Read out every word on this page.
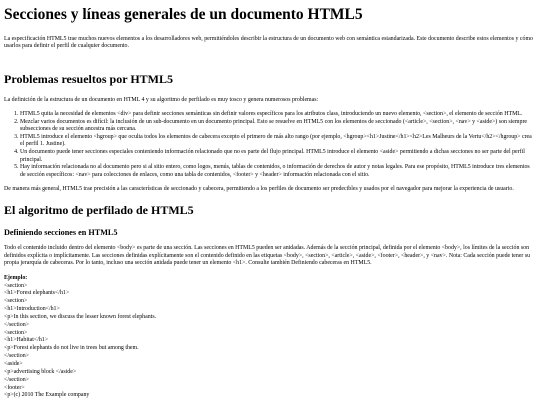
Secciones y líneas generales de un documento HTML5

La especificación HTML5 trae muchos nuevos elementos a los desarrolladores web, permitiéndoles describir la estructura de un documento web con semántica estandarizada. Este documento describe estos elementos y cómo usarlos para definir el perfil de cualquier documento.

Problemas resueltos por HTML5

La definición de la estructura de un documento en HTML 4 y su algoritmo de perfilado es muy tosco y genera numerosos problemas:

1. HTML5 quita la necesidad de elementos <div> para definir secciones semánticas sin definir valores específicos para los atributos class, introduciendo un nuevo elemento, <section>, el elemento de sección HTML.
2. Mezclar varios documentos es difícil: la inclusión de un sub-documento en un documento principal. Esto se resuelve en HTML5 con los elementos de seccionado (<article>, <section>, <nav> y <aside>) son siempre subsecciones de su sección ancestra más cercana.
3. HTML5 introduce el elemento <hgroup> que oculta todos los elementos de cabecera excepto el primero de más alto rango (por ejemplo, <hgroup><h1>Justine</h1><h2>Les Malheurs de la Vertu</h2></hgroup> crea el perfil 1. Justine).
4. Un documento puede tener secciones especiales conteniendo información relacionado que no es parte del flujo principal. HTML5 introduce el elemento <aside> permitiendo a dichas secciones no ser parte del perfil principal.
5. Hay información relacionada no al documento pero si al sitio entero, como logos, menús, tablas de contenidos, o información de derechos de autor y notas legales. Para ese propósito, HTML5 introduce tres elementos de sección específicos: <nav> para colecciones de enlaces, como una tabla de contenidos, <footer> y <header> información relacionada con el sitio.

De manera más general, HTML5 trae precisión a las características de seccionado y cabecera, permitiendo a los perfiles de documento ser predecibles y usados por el navegador para mejorar la experiencia de usuario.

El algoritmo de perfilado de HTML5
Definiendo secciones en HTML5

Todo el contenido incluido dentro del elemento <body> es parte de una sección. Las secciones en HTML5 pueden ser anidadas. Además de la sección principal, definida por el elemento <body>, los límites de la sección son definidos explícita o implícitamente. Las secciones definidas explícitamente son el contenido definido en las etiquetas <body>, <section>, <article>, <aside>, <footer>, <header>, y <nav>. Nota: Cada sección puede tener su propia jerarquía de cabeceras. Por lo tanto, incluso una sección anidada puede tener un elemento <h1>. Consulte también Definiendo cabeceras en HTML5.

Ejemplo:
<section>
<h1>Forest elephants</h1>
<section>
<h1>Introduction</h1>
<p>In this section, we discuss the lesser known forest elephants.
</section>
<section>
<h1>Habitat</h1>
<p>Forest elephants do not live in trees but among them.
</section>
<aside>
<p>advertising block </aside>
</section>
<footer>
<p>(c) 2010 The Example company
